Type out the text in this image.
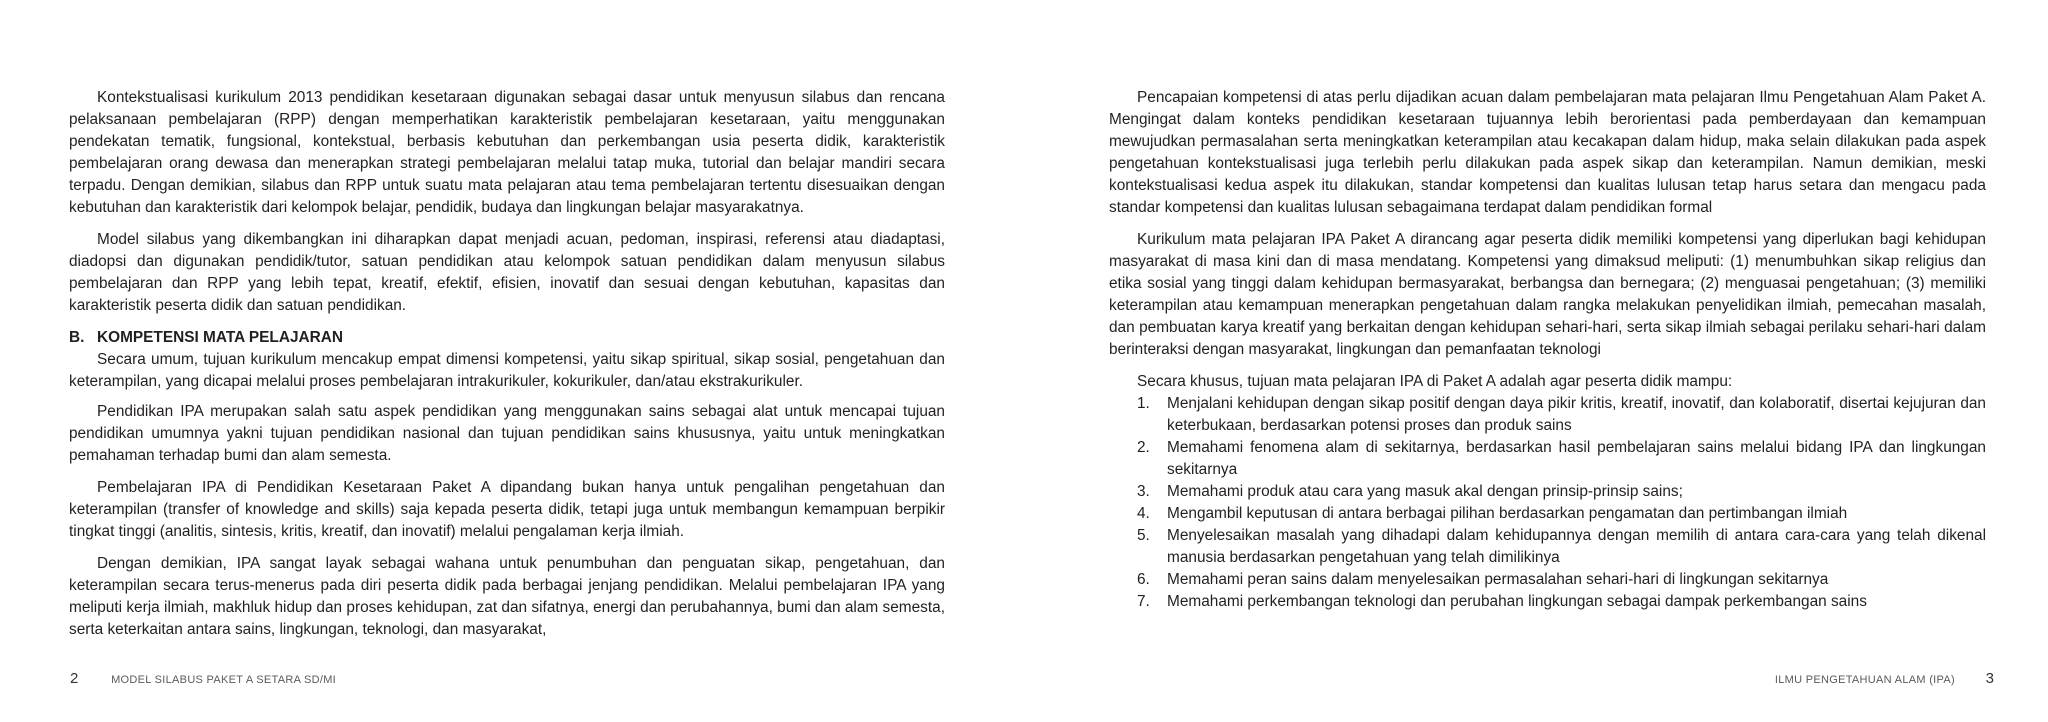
Kontekstualisasi kurikulum 2013 pendidikan kesetaraan digunakan sebagai dasar untuk menyusun silabus dan rencana pelaksanaan pembelajaran (RPP) dengan memperhatikan karakteristik pembelajaran kesetaraan, yaitu menggunakan pendekatan tematik, fungsional, kontekstual, berbasis kebutuhan dan perkembangan usia peserta didik, karakteristik pembelajaran orang dewasa dan menerapkan strategi pembelajaran melalui tatap muka, tutorial dan belajar mandiri secara terpadu. Dengan demikian, silabus dan RPP untuk suatu mata pelajaran atau tema pembelajaran tertentu disesuaikan dengan kebutuhan dan karakteristik dari kelompok belajar, pendidik, budaya dan lingkungan belajar masyarakatnya.

Model silabus yang dikembangkan ini diharapkan dapat menjadi acuan, pedoman, inspirasi, referensi atau diadaptasi, diadopsi dan digunakan pendidik/tutor, satuan pendidikan atau kelompok satuan pendidikan dalam menyusun silabus pembelajaran dan RPP yang lebih tepat, kreatif, efektif, efisien, inovatif dan sesuai dengan kebutuhan, kapasitas dan karakteristik peserta didik dan satuan pendidikan.

B. KOMPETENSI MATA PELAJARAN

Secara umum, tujuan kurikulum mencakup empat dimensi kompetensi, yaitu sikap spiritual, sikap sosial, pengetahuan dan keterampilan, yang dicapai melalui proses pembelajaran intrakurikuler, kokurikuler, dan/atau ekstrakurikuler.

Pendidikan IPA merupakan salah satu aspek pendidikan yang menggunakan sains sebagai alat untuk mencapai tujuan pendidikan umumnya yakni tujuan pendidikan nasional dan tujuan pendidikan sains khususnya, yaitu untuk meningkatkan pemahaman terhadap bumi dan alam semesta.

Pembelajaran IPA di Pendidikan Kesetaraan Paket A dipandang bukan hanya untuk pengalihan pengetahuan dan keterampilan (transfer of knowledge and skills) saja kepada peserta didik, tetapi juga untuk membangun kemampuan berpikir tingkat tinggi (analitis, sintesis, kritis, kreatif, dan inovatif) melalui pengalaman kerja ilmiah.

Dengan demikian, IPA sangat layak sebagai wahana untuk penumbuhan dan penguatan sikap, pengetahuan, dan keterampilan secara terus-menerus pada diri peserta didik pada berbagai jenjang pendidikan. Melalui pembelajaran IPA yang meliputi kerja ilmiah, makhluk hidup dan proses kehidupan, zat dan sifatnya, energi dan perubahannya, bumi dan alam semesta, serta keterkaitan antara sains, lingkungan, teknologi, dan masyarakat,

2	MODEL SILABUS PAKET A SETARA SD/MI

Pencapaian kompetensi di atas perlu dijadikan acuan dalam pembelajaran mata pelajaran Ilmu Pengetahuan Alam Paket A. Mengingat dalam konteks pendidikan kesetaraan tujuannya lebih berorientasi pada pemberdayaan dan kemampuan mewujudkan permasalahan serta meningkatkan keterampilan atau kecakapan dalam hidup, maka selain dilakukan pada aspek pengetahuan kontekstualisasi juga terlebih perlu dilakukan pada aspek sikap dan keterampilan. Namun demikian, meski kontekstualisasi kedua aspek itu dilakukan, standar kompetensi dan kualitas lulusan tetap harus setara dan mengacu pada standar kompetensi dan kualitas lulusan sebagaimana terdapat dalam pendidikan formal

Kurikulum mata pelajaran IPA Paket A dirancang agar peserta didik memiliki kompetensi yang diperlukan bagi kehidupan masyarakat di masa kini dan di masa mendatang. Kompetensi yang dimaksud meliputi: (1) menumbuhkan sikap religius dan etika sosial yang tinggi dalam kehidupan bermasyarakat, berbangsa dan bernegara; (2) menguasai pengetahuan; (3) memiliki keterampilan atau kemampuan menerapkan pengetahuan dalam rangka melakukan penyelidikan ilmiah, pemecahan masalah, dan pembuatan karya kreatif yang berkaitan dengan kehidupan sehari-hari, serta sikap ilmiah sebagai perilaku sehari-hari dalam berinteraksi dengan masyarakat, lingkungan dan pemanfaatan teknologi

Secara khusus, tujuan mata pelajaran IPA di Paket A adalah agar peserta didik mampu:

1. Menjalani kehidupan dengan sikap positif dengan daya pikir kritis, kreatif, inovatif, dan kolaboratif, disertai kejujuran dan keterbukaan, berdasarkan potensi proses dan produk sains
2. Memahami fenomena alam di sekitarnya, berdasarkan hasil pembelajaran sains melalui bidang IPA dan lingkungan sekitarnya
3. Memahami produk atau cara yang masuk akal dengan prinsip-prinsip sains;
4. Mengambil keputusan di antara berbagai pilihan berdasarkan pengamatan dan pertimbangan ilmiah
5. Menyelesaikan masalah yang dihadapi dalam kehidupannya dengan memilih di antara cara-cara yang telah dikenal manusia berdasarkan pengetahuan yang telah dimilikinya
6. Memahami peran sains dalam menyelesaikan permasalahan sehari-hari di lingkungan sekitarnya
7. Memahami perkembangan teknologi dan perubahan lingkungan sebagai dampak perkembangan sains
ILMU PENGETAHUAN ALAM (IPA) 3
